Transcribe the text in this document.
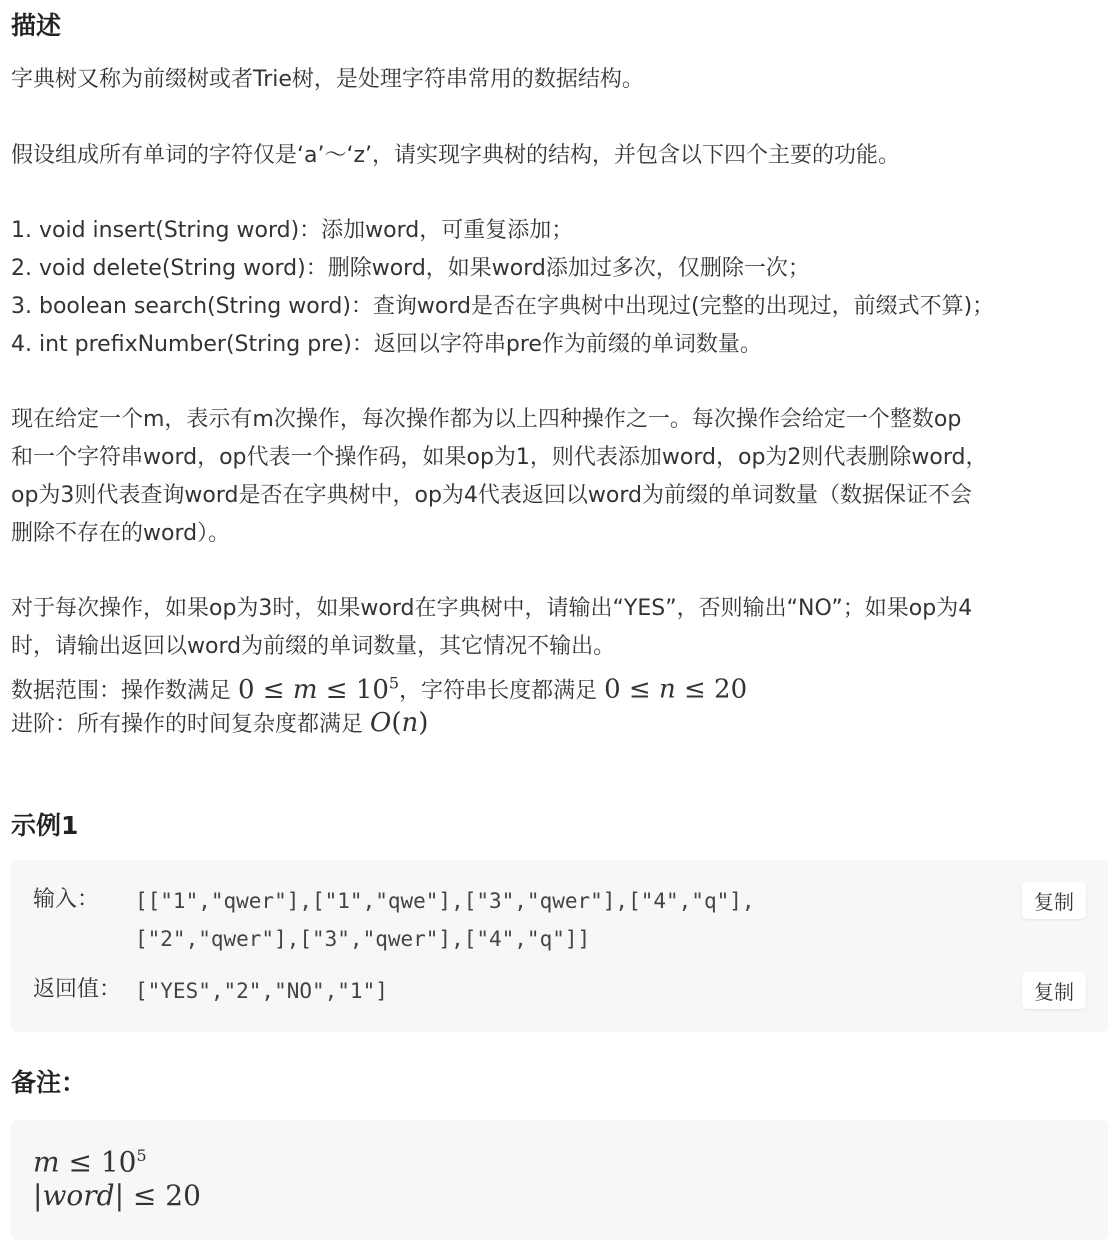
描述
字典树又称为前缀树或者Trie树，是处理字符串常用的数据结构。
假设组成所有单词的字符仅是‘a’～‘z’，请实现字典树的结构，并包含以下四个主要的功能。
1. void insert(String word)：添加word，可重复添加；
2. void delete(String word)：删除word，如果word添加过多次，仅删除一次；
3. boolean search(String word)：查询word是否在字典树中出现过(完整的出现过，前缀式不算)；
4. int prefixNumber(String pre)：返回以字符串pre作为前缀的单词数量。
现在给定一个m，表示有m次操作，每次操作都为以上四种操作之一。每次操作会给定一个整数op
和一个字符串word，op代表一个操作码，如果op为1，则代表添加word，op为2则代表删除word，
op为3则代表查询word是否在字典树中，op为4代表返回以word为前缀的单词数量（数据保证不会
删除不存在的word）。
对于每次操作，如果op为3时，如果word在字典树中，请输出“YES”，否则输出“NO”；如果op为4
时，请输出返回以word为前缀的单词数量，其它情况不输出。
数据范围：操作数满足 $0 \le m \le 10^5$，字符串长度都满足 0 ≤ n ≤ 20
进阶：所有操作的时间复杂度都满足 O(n)
示例1
输入： [["1","qwer"],["1","qwe"],["3","qwer"],["4","q"],
["2","qwer"],["3","qwer"],["4","q"]]
复制
返回值： ["YES","2","NO","1"]	复制
备注：
$m \le 10^5$
|word| ≤ 20
